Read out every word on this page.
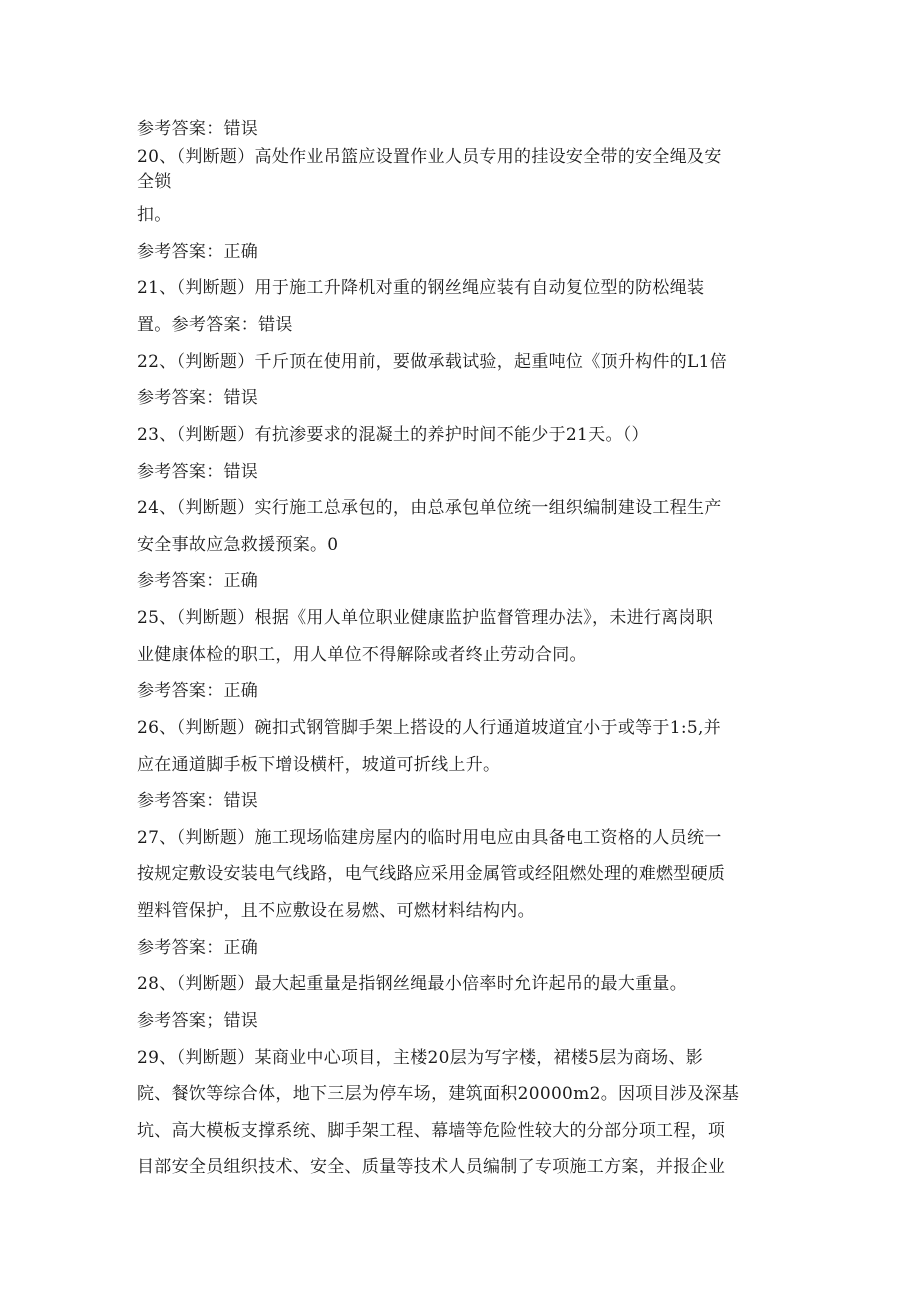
参考答案：错误
20、（判断题）高处作业吊篮应设置作业人员专用的挂设安全带的安全绳及安
全锁
扣。
参考答案：正确
21、（判断题）用于施工升降机对重的钢丝绳应装有自动复位型的防松绳装
置。参考答案：错误
22、（判断题）千斤顶在使用前，要做承载试验，起重吨位《顶升构件的L1倍
参考答案：错误
23、（判断题）有抗渗要求的混凝土的养护时间不能少于21天。（）
参考答案：错误
24、（判断题）实行施工总承包的，由总承包单位统一组织编制建设工程生产
安全事故应急救援预案。0
参考答案：正确
25、（判断题）根据《用人单位职业健康监护监督管理办法》，未进行离岗职
业健康体检的职工，用人单位不得解除或者终止劳动合同。
参考答案：正确
26、（判断题）碗扣式钢管脚手架上搭设的人行通道坡道宜小于或等于1:5,并
应在通道脚手板下增设横杆，坡道可折线上升。
参考答案：错误
27、（判断题）施工现场临建房屋内的临时用电应由具备电工资格的人员统一
按规定敷设安装电气线路，电气线路应采用金属管或经阻燃处理的难燃型硬质
塑料管保护，且不应敷设在易燃、可燃材料结构内。
参考答案：正确
28、（判断题）最大起重量是指钢丝绳最小倍率时允许起吊的最大重量。
参考答案；错误
29、（判断题）某商业中心项目，主楼20层为写字楼，裙楼5层为商场、影
院、餐饮等综合体，地下三层为停车场，建筑面积20000m2。因项目涉及深基
坑、高大模板支撑系统、脚手架工程、幕墙等危险性较大的分部分项工程，项
目部安全员组织技术、安全、质量等技术人员编制了专项施工方案，并报企业
